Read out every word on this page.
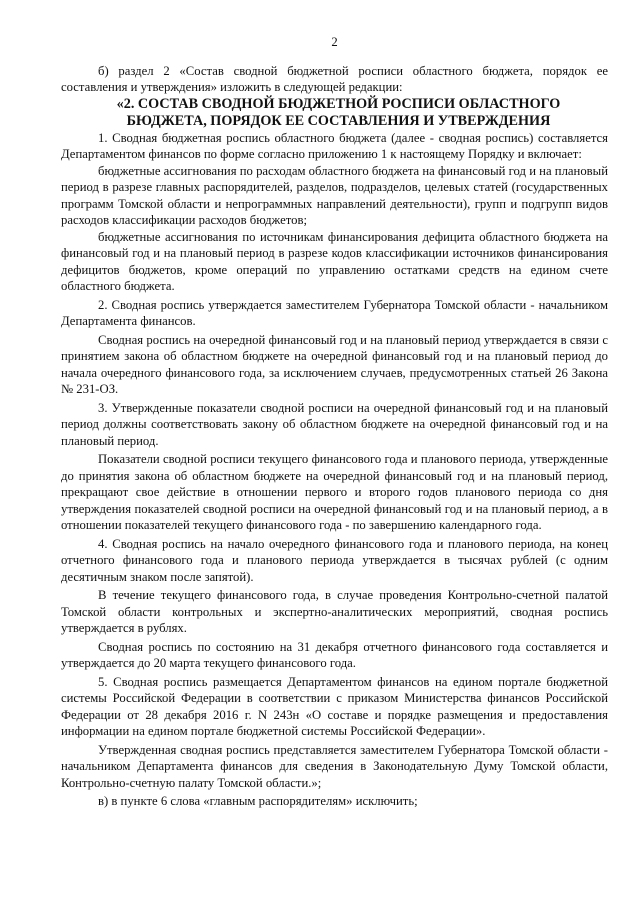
2

б) раздел 2 «Состав сводной бюджетной росписи областного бюджета, порядок ее составления и утверждения» изложить в следующей редакции:

«2. СОСТАВ СВОДНОЙ БЮДЖЕТНОЙ РОСПИСИ ОБЛАСТНОГО
БЮДЖЕТА, ПОРЯДОК ЕЕ СОСТАВЛЕНИЯ И УТВЕРЖДЕНИЯ

1. Сводная бюджетная роспись областного бюджета (далее - сводная роспись) составляется Департаментом финансов по форме согласно приложению 1 к настоящему Порядку и включает:

бюджетные ассигнования по расходам областного бюджета на финансовый год и на плановый период в разрезе главных распорядителей, разделов, подразделов, целевых статей (государственных программ Томской области и непрограммных направлений деятельности), групп и подгрупп видов расходов классификации расходов бюджетов;

бюджетные ассигнования по источникам финансирования дефицита областного бюджета на финансовый год и на плановый период в разрезе кодов классификации источников финансирования дефицитов бюджетов, кроме операций по управлению остатками средств на едином счете областного бюджета.

2. Сводная роспись утверждается заместителем Губернатора Томской области - начальником Департамента финансов.

Сводная роспись на очередной финансовый год и на плановый период утверждается в связи с принятием закона об областном бюджете на очередной финансовый год и на плановый период до начала очередного финансового года, за исключением случаев, предусмотренных статьей 26 Закона № 231-ОЗ.

3. Утвержденные показатели сводной росписи на очередной финансовый год и на плановый период должны соответствовать закону об областном бюджете на очередной финансовый год и на плановый период.

Показатели сводной росписи текущего финансового года и планового периода, утвержденные до принятия закона об областном бюджете на очередной финансовый год и на плановый период, прекращают свое действие в отношении первого и второго годов планового периода со дня утверждения показателей сводной росписи на очередной финансовый год и на плановый период, а в отношении показателей текущего финансового года - по завершению календарного года.

4. Сводная роспись на начало очередного финансового года и планового периода, на конец отчетного финансового года и планового периода утверждается в тысячах рублей (с одним десятичным знаком после запятой).

В течение текущего финансового года, в случае проведения Контрольно-счетной палатой Томской области контрольных и экспертно-аналитических мероприятий, сводная роспись утверждается в рублях.

Сводная роспись по состоянию на 31 декабря отчетного финансового года составляется и утверждается до 20 марта текущего финансового года.

5. Сводная роспись размещается Департаментом финансов на едином портале бюджетной системы Российской Федерации в соответствии с приказом Министерства финансов Российской Федерации от 28 декабря 2016 г. N 243н «О составе и порядке размещения и предоставления информации на едином портале бюджетной системы Российской Федерации».

Утвержденная сводная роспись представляется заместителем Губернатора Томской области - начальником Департамента финансов для сведения в Законодательную Думу Томской области, Контрольно-счетную палату Томской области.»;

в) в пункте 6 слова «главным распорядителям» исключить;
